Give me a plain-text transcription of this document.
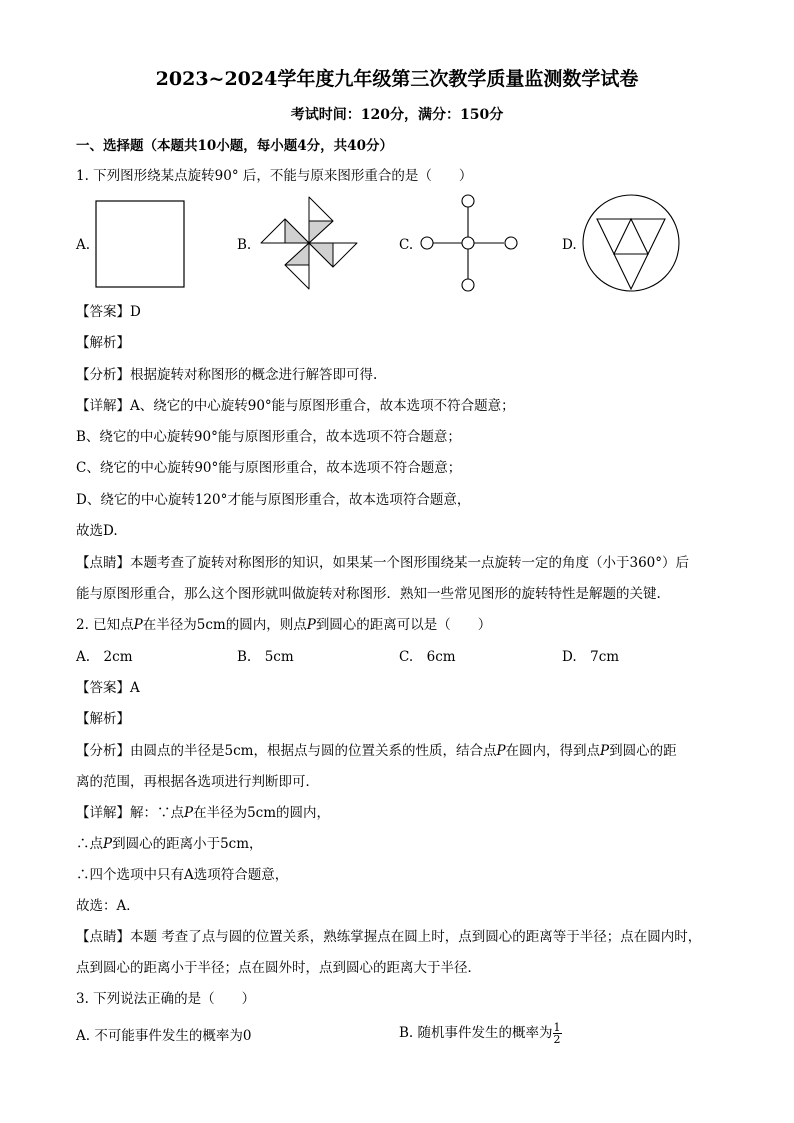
2023~2024学年度九年级第三次教学质量监测数学试卷
考试时间：120分，满分：150分
一、选择题（本题共10小题，每小题4分，共40分）
1. 下列图形绕某点旋转90° 后，不能与原来图形重合的是（　　）
A.	B.	C.	D.
【答案】D
【解析】
【分析】根据旋转对称图形的概念进行解答即可得.
【详解】A、绕它的中心旋转90°能与原图形重合，故本选项不符合题意；
B、绕它的中心旋转90°能与原图形重合，故本选项不符合题意；
C、绕它的中心旋转90°能与原图形重合，故本选项不符合题意；
D、绕它的中心旋转120°才能与原图形重合，故本选项符合题意，
故选D.
【点睛】本题考查了旋转对称图形的知识，如果某一个图形围绕某一点旋转一定的角度（小于360°）后
能与原图形重合，那么这个图形就叫做旋转对称图形．熟知一些常见图形的旋转特性是解题的关键.
2. 已知点P在半径为5cm的圆内，则点P到圆心的距离可以是（　　）
A.　2cm	B.　5cm	C.　6cm	D.　7cm
【答案】A
【解析】
【分析】由圆点的半径是5cm，根据点与圆的位置关系的性质，结合点P在圆内，得到点P到圆心的距
离的范围，再根据各选项进行判断即可．
【详解】解：∵点P在半径为5cm的圆内，
∴点P到圆心的距离小于5cm，
∴四个选项中只有A选项符合题意，
故选：A．
【点睛】本题 考查了点与圆的位置关系，熟练掌握点在圆上时，点到圆心的距离等于半径；点在圆内时，
点到圆心的距离小于半径；点在圆外时，点到圆心的距离大于半径．
3. 下列说法正确的是（　　）
A. 不可能事件发生的概率为0	B. 随机事件发生的概率为 $\frac{1}{2}$
